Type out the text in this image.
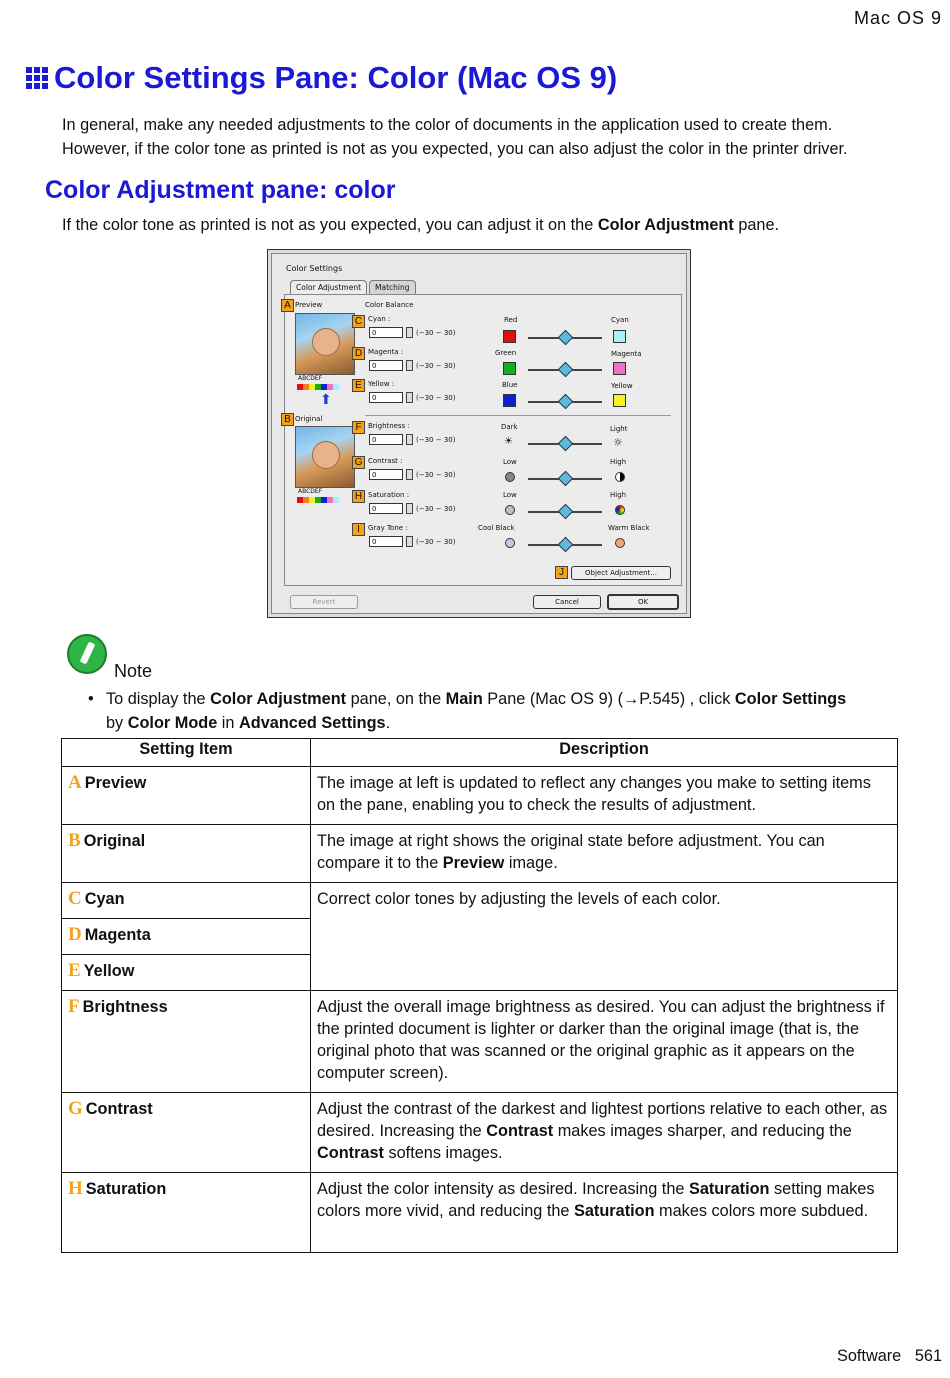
Mac OS 9
Color Settings Pane: Color (Mac OS 9)

In general, make any needed adjustments to the color of documents in the application used to create them.

However, if the color tone as printed is not as you expected, you can also adjust the color in the printer driver.

Color Adjustment pane: color
If the color tone as printed is not as you expected, you can adjust it on the Color Adjustment pane.
Color Settings
Color Adjustment	Matching
A Preview
ABCDEF
⬆
B Original
ABCDEF
Color Balance
C Cyan :
0	(−30 − 30)
Red	Cyan
D Magenta :
0	(−30 − 30)
Green	Magenta
E Yellow :
0	(−30 − 30)
Blue	Yellow
F Brightness :
0	(−30 − 30)
Dark
☀
Light
☼
G Contrast :
0	(−30 − 30)
Low	High
H Saturation :
0	(−30 − 30)
Low	High
I	Gray Tone :
0	(−30 − 30)
Cool Black	Warm Black
J	Object Adjustment...
Revert	Cancel	OK
Note
• To display the Color Adjustment pane, on the Main Pane (Mac OS 9) (→P.545) , click Color Settings
by Color Mode in Advanced Settings.
Setting Item	Description
A Preview	The image at left is updated to reflect any changes you make to setting items on the pane, enabling you to check the results of adjustment.
B Original	The image at right shows the original state before adjustment. You can compare it to the Preview image.
C Cyan	Correct color tones by adjusting the levels of each color.
D Magenta	
E Yellow	
F Brightness	Adjust the overall image brightness as desired. You can adjust the brightness if the printed document is lighter or darker than the original image (that is, the original photo that was scanned or the original graphic as it appears on the computer screen).
G Contrast	Adjust the contrast of the darkest and lightest portions relative to each other, as desired. Increasing the Contrast makes images sharper, and reducing the Contrast softens images.
H Saturation	Adjust the color intensity as desired. Increasing the Saturation setting makes colors more vivid, and reducing the Saturation makes colors more subdued.
Software 561
